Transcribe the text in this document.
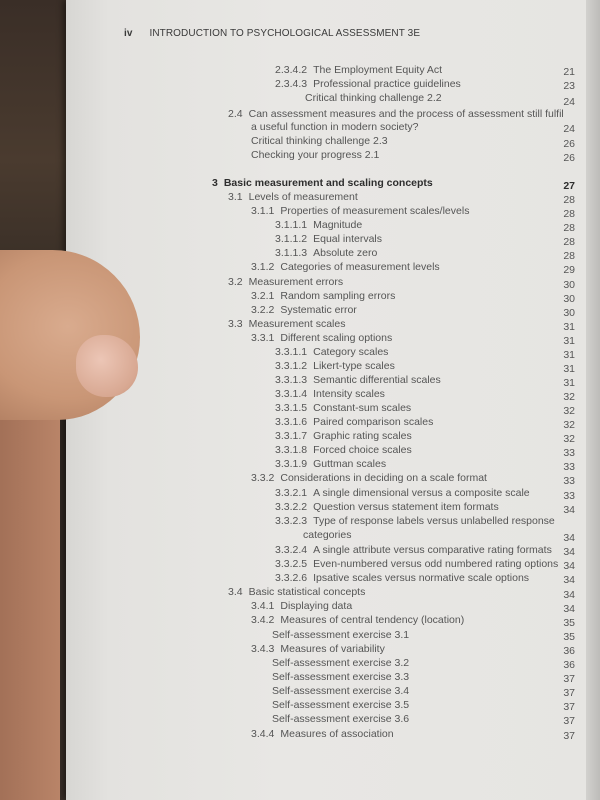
iv INTRODUCTION TO PSYCHOLOGICAL ASSESSMENT 3E
2.3.4.2 The Employment Equity Act	21
2.3.4.3 Professional practice guidelines	23
Critical thinking challenge 2.2	24
2.4 Can assessment measures and the process of assessment still fulfil
a useful function in modern society?	24
Critical thinking challenge 2.3	26
Checking your progress 2.1	26
3 Basic measurement and scaling concepts	27
3.1 Levels of measurement	28
3.1.1 Properties of measurement scales/levels	28
3.1.1.1 Magnitude	28
3.1.1.2 Equal intervals	28
3.1.1.3 Absolute zero	28
3.1.2 Categories of measurement levels	29
3.2 Measurement errors	30
3.2.1 Random sampling errors	30
3.2.2 Systematic error	30
3.3 Measurement scales	31
3.3.1 Different scaling options	31
3.3.1.1 Category scales	31
3.3.1.2 Likert-type scales	31
3.3.1.3 Semantic differential scales	31
3.3.1.4 Intensity scales	32
3.3.1.5 Constant-sum scales	32
3.3.1.6 Paired comparison scales	32
3.3.1.7 Graphic rating scales	32
3.3.1.8 Forced choice scales	33
3.3.1.9 Guttman scales	33
3.3.2 Considerations in deciding on a scale format	33
3.3.2.1 A single dimensional versus a composite scale	33
3.3.2.2 Question versus statement item formats	34
3.3.2.3 Type of response labels versus unlabelled response
categories	34
3.3.2.4 A single attribute versus comparative rating formats	34
3.3.2.5 Even-numbered versus odd numbered rating options 34
3.3.2.6 Ipsative scales versus normative scale options	34
3.4 Basic statistical concepts	34
3.4.1 Displaying data	34
3.4.2 Measures of central tendency (location)	35
Self-assessment exercise 3.1	35
3.4.3 Measures of variability	36
Self-assessment exercise 3.2	36
Self-assessment exercise 3.3	37
Self-assessment exercise 3.4	37
Self-assessment exercise 3.5	37
Self-assessment exercise 3.6	37
3.4.4 Measures of association	37
